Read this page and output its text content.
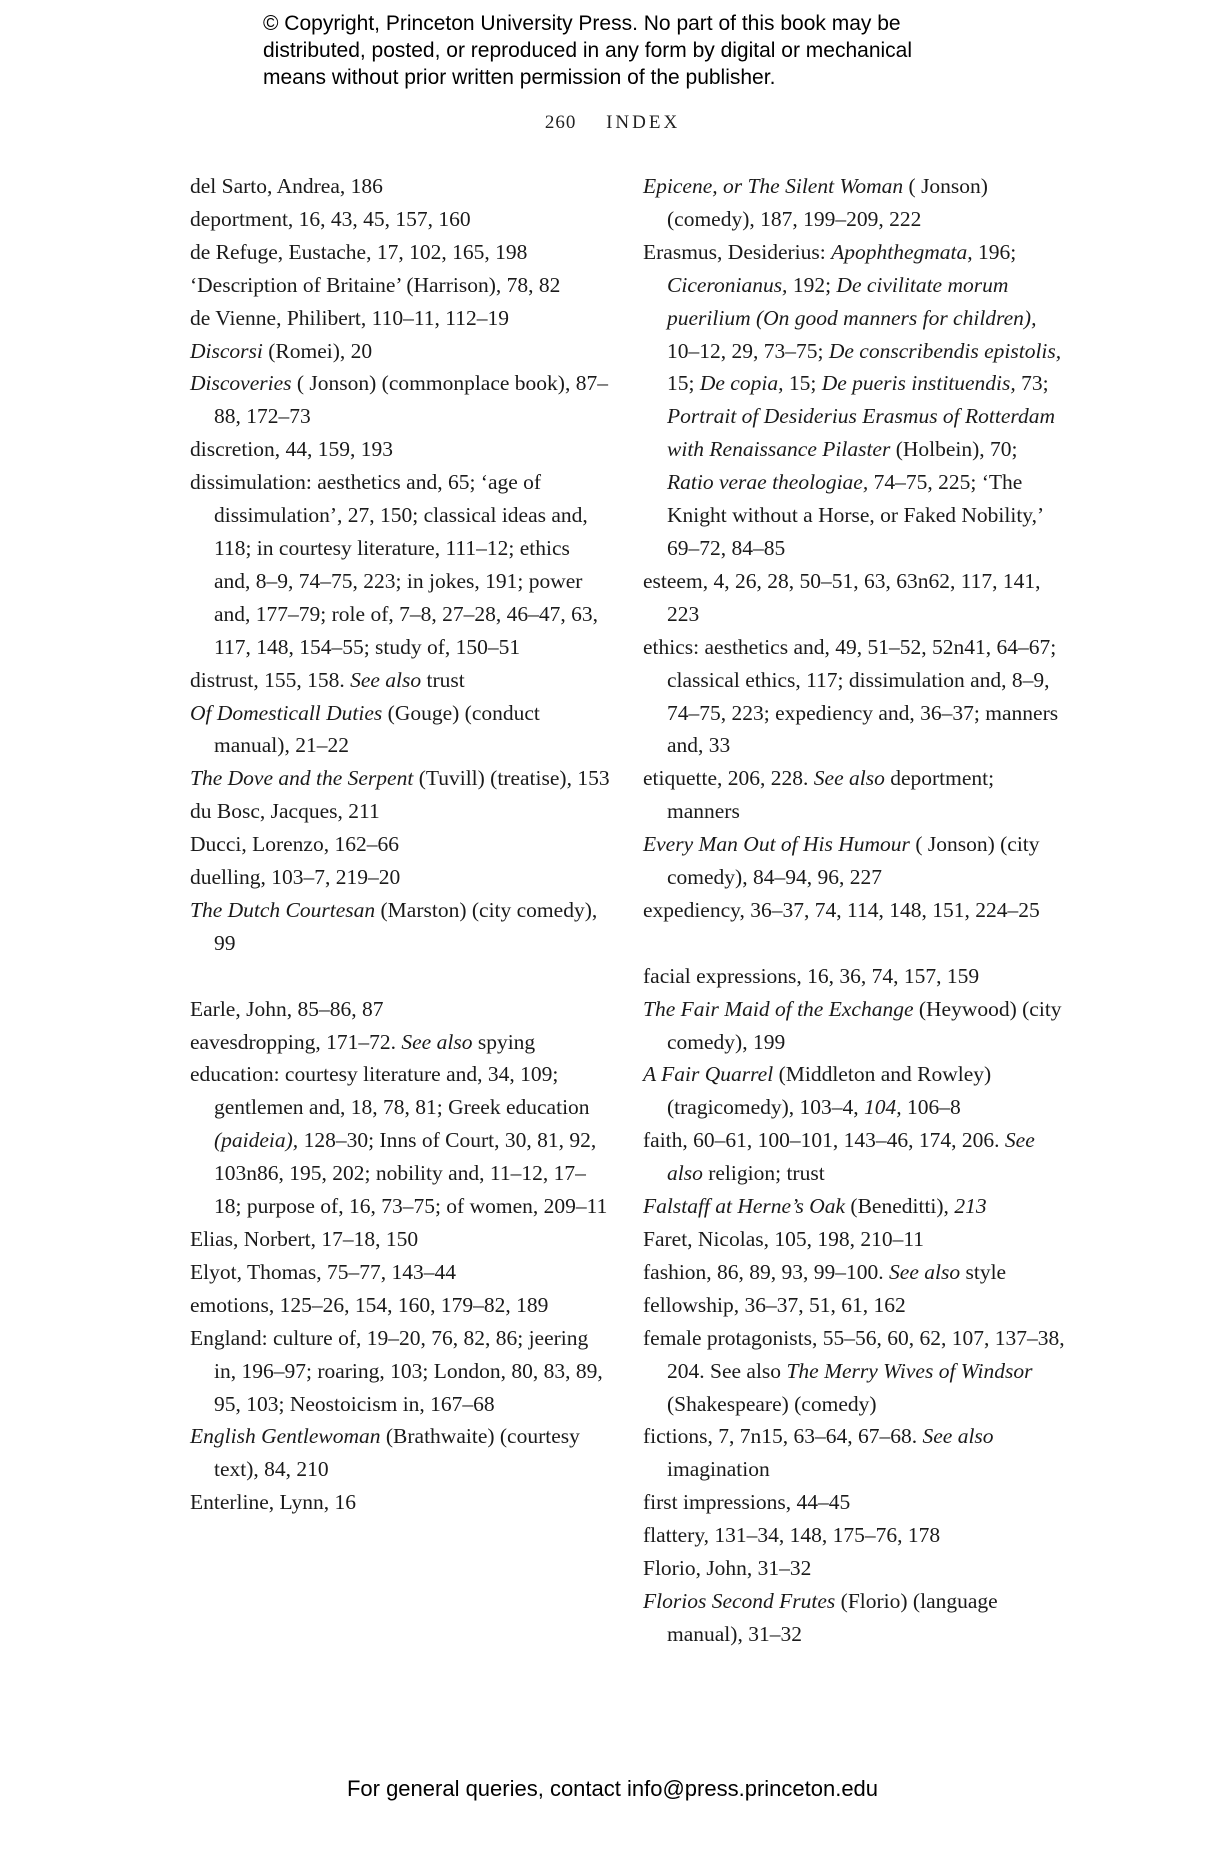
© Copyright, Princeton University Press. No part of this book may be
distributed, posted, or reproduced in any form by digital or mechanical
means without prior written permission of the publisher.
260 INDEX
del Sarto, Andrea, 186
deportment, 16, 43, 45, 157, 160
de Refuge, Eustache, 17, 102, 165, 198
‘Description of Britaine’ (Harrison), 78, 82
de Vienne, Philibert, 110–11, 112–19
Discorsi (Romei), 20
Discoveries ( Jonson) (commonplace book), 87–88, 172–73
discretion, 44, 159, 193
dissimulation: aesthetics and, 65; ‘age of dissimulation’, 27, 150; classical ideas and, 118; in courtesy literature, 111–12; ethics and, 8–9, 74–75, 223; in jokes, 191; power and, 177–79; role of, 7–8, 27–28, 46–47, 63, 117, 148, 154–55; study of, 150–51
distrust, 155, 158. See also trust
Of Domesticall Duties (Gouge) (conduct manual), 21–22
The Dove and the Serpent (Tuvill) (treatise), 153
du Bosc, Jacques, 211
Ducci, Lorenzo, 162–66
duelling, 103–7, 219–20
The Dutch Courtesan (Marston) (city comedy), 99
Earle, John, 85–86, 87
eavesdropping, 171–72. See also spying
education: courtesy literature and, 34, 109; gentlemen and, 18, 78, 81; Greek education (paideia), 128–30; Inns of Court, 30, 81, 92, 103n86, 195, 202; nobility and, 11–12, 17–18; purpose of, 16, 73–75; of women, 209–11
Elias, Norbert, 17–18, 150
Elyot, Thomas, 75–77, 143–44
emotions, 125–26, 154, 160, 179–82, 189
England: culture of, 19–20, 76, 82, 86; jeering in, 196–97; roaring, 103; London, 80, 83, 89, 95, 103; Neostoicism in, 167–68
English Gentlewoman (Brathwaite) (courtesy text), 84, 210
Enterline, Lynn, 16
Epicene, or The Silent Woman ( Jonson) (comedy), 187, 199–209, 222
Erasmus, Desiderius: Apophthegmata, 196; Ciceronianus, 192; De civilitate morum puerilium (On good manners for children), 10–12, 29, 73–75; De conscribendis epistolis, 15; De copia, 15; De pueris instituendis, 73; Portrait of Desiderius Erasmus of Rotterdam with Renaissance Pilaster (Holbein), 70; Ratio verae theologiae, 74–75, 225; ‘The Knight without a Horse, or Faked Nobility,’ 69–72, 84–85
esteem, 4, 26, 28, 50–51, 63, 63n62, 117, 141, 223
ethics: aesthetics and, 49, 51–52, 52n41, 64–67; classical ethics, 117; dissimulation and, 8–9, 74–75, 223; expediency and, 36–37; manners and, 33
etiquette, 206, 228. See also deportment; manners
Every Man Out of His Humour ( Jonson) (city comedy), 84–94, 96, 227
expediency, 36–37, 74, 114, 148, 151, 224–25
facial expressions, 16, 36, 74, 157, 159
The Fair Maid of the Exchange (Heywood) (city comedy), 199
A Fair Quarrel (Middleton and Rowley) (tragicomedy), 103–4, 104, 106–8
faith, 60–61, 100–101, 143–46, 174, 206. See also religion; trust
Falstaff at Herne’s Oak (Beneditti), 213
Faret, Nicolas, 105, 198, 210–11
fashion, 86, 89, 93, 99–100. See also style
fellowship, 36–37, 51, 61, 162
female protagonists, 55–56, 60, 62, 107, 137–38, 204. See also The Merry Wives of Windsor (Shakespeare) (comedy)
fictions, 7, 7n15, 63–64, 67–68. See also imagination
first impressions, 44–45
flattery, 131–34, 148, 175–76, 178
Florio, John, 31–32
Florios Second Frutes (Florio) (language manual), 31–32
For general queries, contact info@press.princeton.edu
